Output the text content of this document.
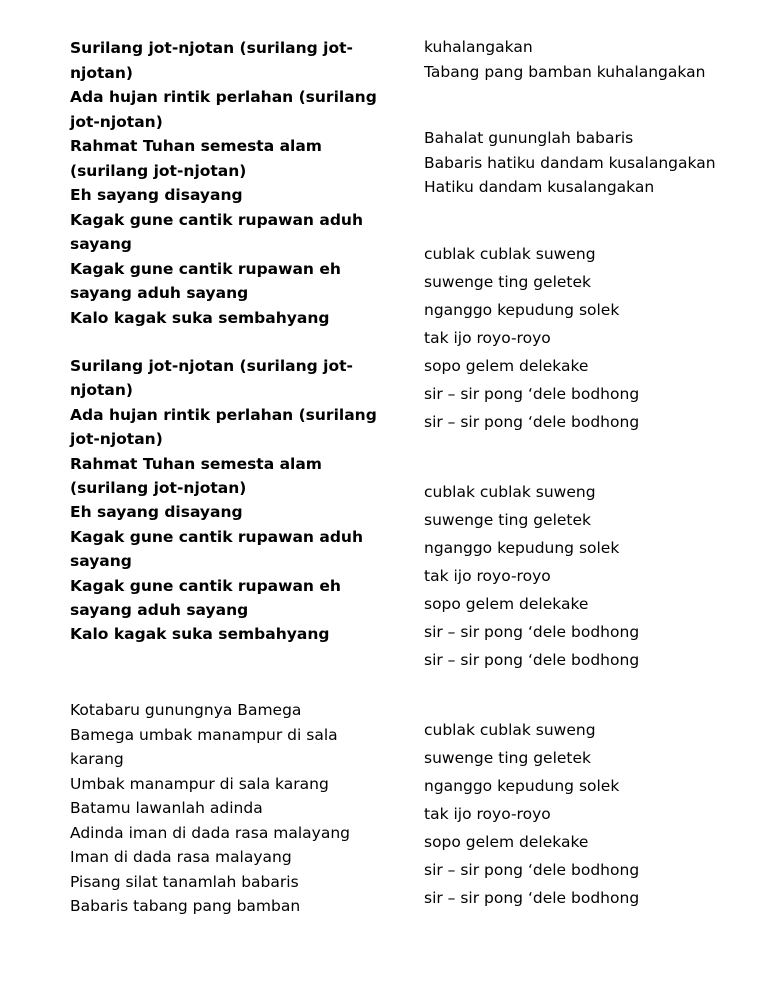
Surilang jot-njotan (surilang jot-
njotan)
Ada hujan rintik perlahan (surilang
jot-njotan)
Rahmat Tuhan semesta alam
(surilang jot-njotan)
Eh sayang disayang
Kagak gune cantik rupawan aduh
sayang
Kagak gune cantik rupawan eh
sayang aduh sayang
Kalo kagak suka sembahyang
Surilang jot-njotan (surilang jot-
njotan)
Ada hujan rintik perlahan (surilang
jot-njotan)
Rahmat Tuhan semesta alam
(surilang jot-njotan)
Eh sayang disayang
Kagak gune cantik rupawan aduh
sayang
Kagak gune cantik rupawan eh
sayang aduh sayang
Kalo kagak suka sembahyang
Kotabaru gunungnya Bamega
Bamega umbak manampur di sala
karang
Umbak manampur di sala karang
Batamu lawanlah adinda
Adinda iman di dada rasa malayang
Iman di dada rasa malayang
Pisang silat tanamlah babaris
Babaris tabang pang bamban
kuhalangakan
Tabang pang bamban kuhalangakan
Bahalat gununglah babaris
Babaris hatiku dandam kusalangakan
Hatiku dandam kusalangakan
cublak cublak suweng
suwenge ting geletek
nganggo kepudung solek
tak ijo royo-royo
sopo gelem delekake
sir – sir pong ‘dele bodhong
sir – sir pong ‘dele bodhong
cublak cublak suweng
suwenge ting geletek
nganggo kepudung solek
tak ijo royo-royo
sopo gelem delekake
sir – sir pong ‘dele bodhong
sir – sir pong ‘dele bodhong
cublak cublak suweng
suwenge ting geletek
nganggo kepudung solek
tak ijo royo-royo
sopo gelem delekake
sir – sir pong ‘dele bodhong
sir – sir pong ‘dele bodhong
